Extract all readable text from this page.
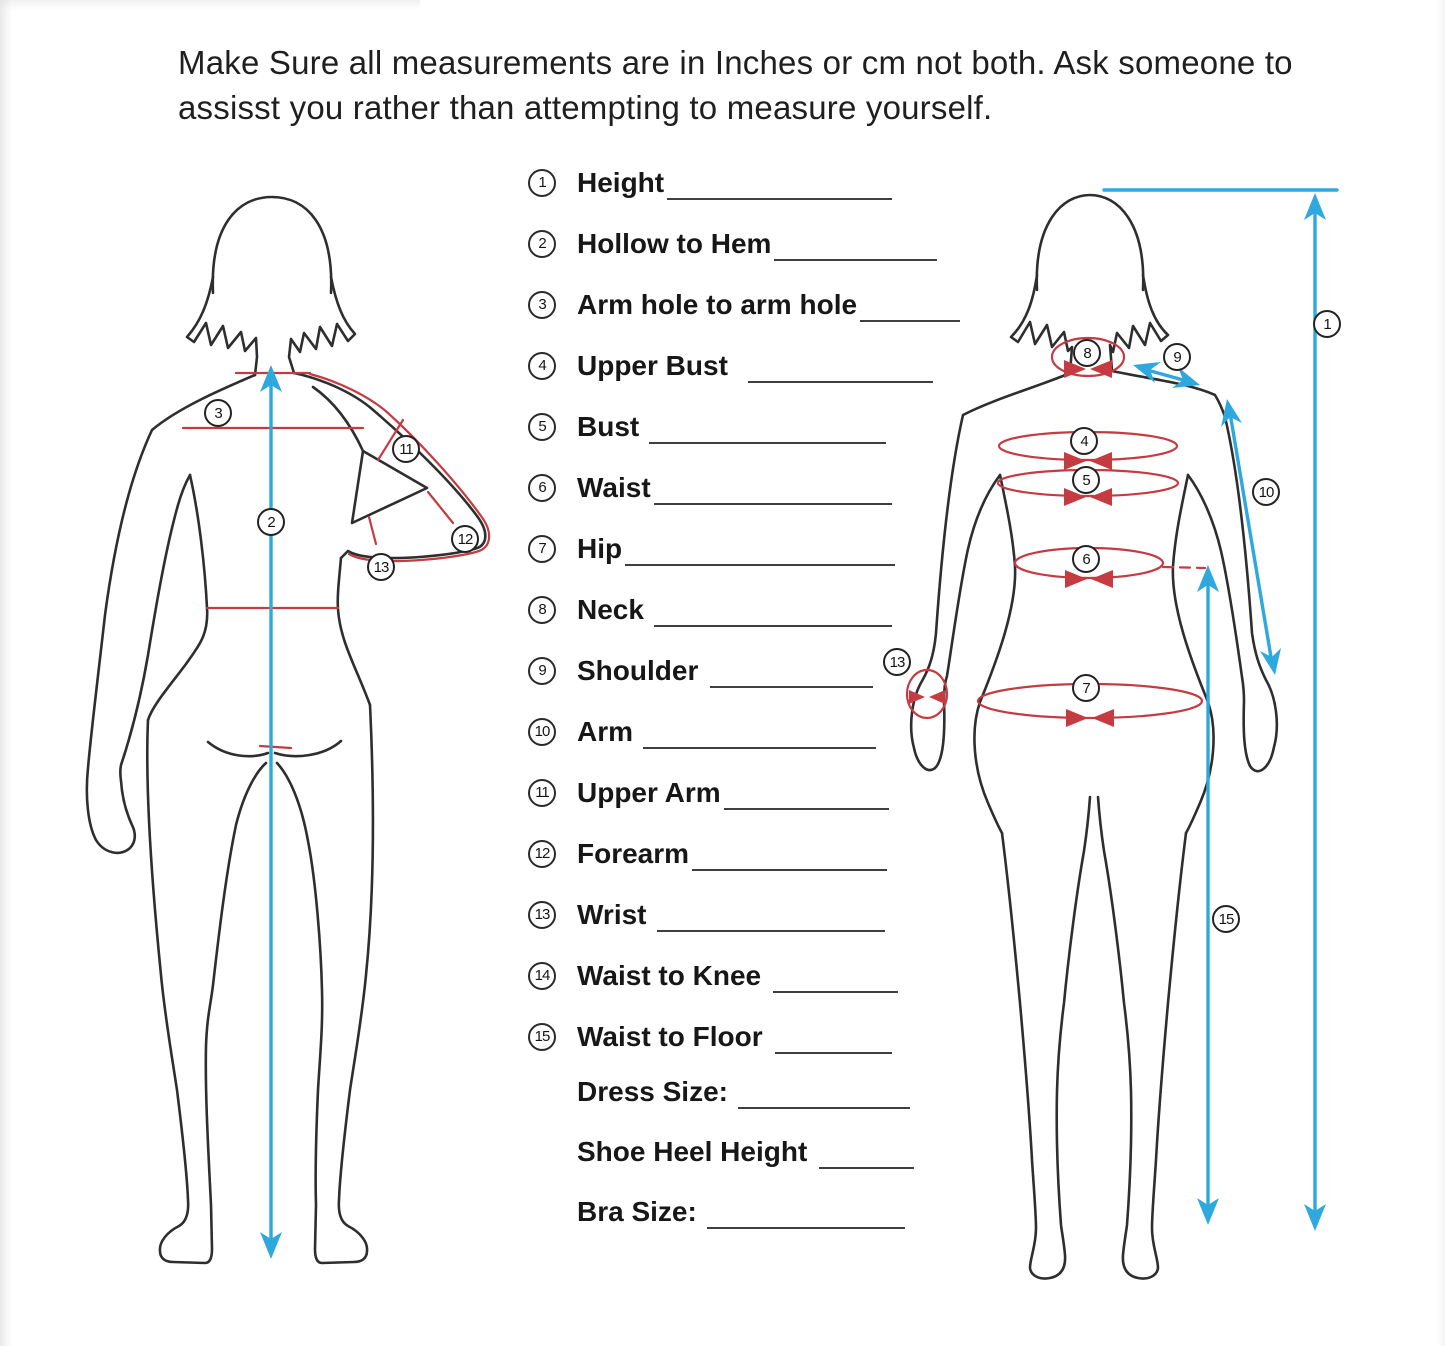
Make Sure all measurements are in Inches or cm not both. Ask someone to
assisst you rather than attempting to measure yourself.
1	Height
2	Hollow to Hem
3	Arm hole to arm hole
4	Upper Bust
5	Bust
6	Waist
7	Hip
8	Neck
9	Shoulder
10 Arm
11 Upper Arm
12 Forearm
13 Wrist
14 Waist to Knee
15 Waist to Floor
Dress Size:
Shoe Heel Height
Bra Size:
3
2
11
12
13
8	9
4
5
6
13
7
10
15
1
